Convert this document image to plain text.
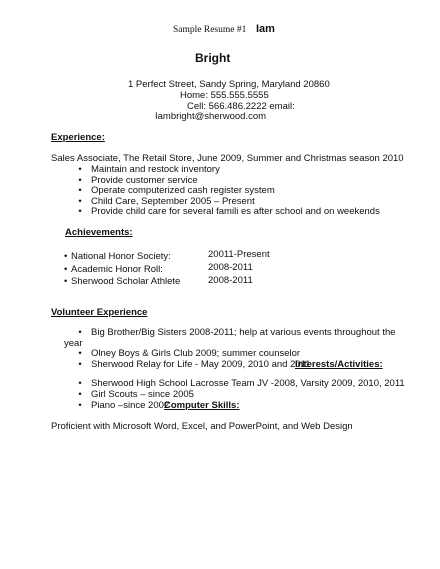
Sample Resume #1 Iam
Bright
1 Perfect Street, Sandy Spring, Maryland 20860
Home: 555.555.5555
Cell: 566.486.2222 email:
Iambright@sherwood.com
Experience:
Sales Associate, The Retail Store, June 2009, Summer and Christmas season 2010
• Maintain and restock inventory
• Provide customer service
• Operate computerized cash register system
• Child Care, September 2005 – Present
• Provide child care for several famili es after school and on weekends
Achievements:
• National Honor Society:	20011-Present
• Academic Honor Roll:	2008-2011
• Sherwood Scholar Athlete	2008-2011
Volunteer Experience
• Big Brother/Big Sisters 2008-2011; help at various events throughout the
year
• Olney Boys & Girls Club 2009; summer counselor
• Sherwood Relay for Life - May 2009, 2010 and 2011
Interests/Activities:
• Sherwood High School Lacrosse Team JV -2008, Varsity 2009, 2010, 2011
• Girl Scouts – since 2005
• Piano –since 2002
Computer Skills:
Proficient with Microsoft Word, Excel, and PowerPoint, and Web Design
